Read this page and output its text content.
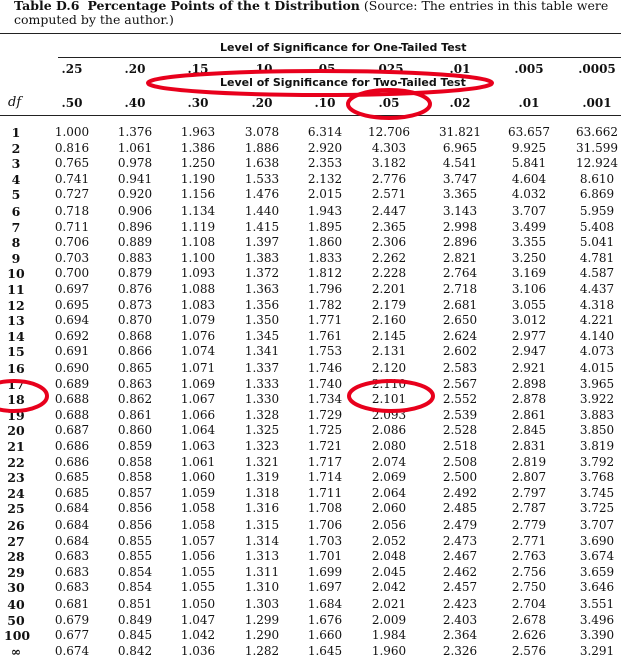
Table D.6 Percentage Points of the t Distribution (Source: The entries in this table were computed by the author.)
Level of Significance for One-Tailed Test
.25	.20	.15	.10	.05	.025	.01	.005	.0005
Level of Significance for Two-Tailed Test
df	.50	.40	.30	.20	.10	.05	.02	.01	.001
1	1.000	1.376	1.963	3.078	6.314	12.706	31.821	63.657	63.662
2	0.816	1.061	1.386	1.886	2.920	4.303	6.965	9.925	31.599
3	0.765	0.978	1.250	1.638	2.353	3.182	4.541	5.841	12.924
4	0.741	0.941	1.190	1.533	2.132	2.776	3.747	4.604	8.610
5	0.727	0.920	1.156	1.476	2.015	2.571	3.365	4.032	6.869
6	0.718	0.906	1.134	1.440	1.943	2.447	3.143	3.707	5.959
7	0.711	0.896	1.119	1.415	1.895	2.365	2.998	3.499	5.408
8	0.706	0.889	1.108	1.397	1.860	2.306	2.896	3.355	5.041
9	0.703	0.883	1.100	1.383	1.833	2.262	2.821	3.250	4.781
10	0.700	0.879	1.093	1.372	1.812	2.228	2.764	3.169	4.587
11	0.697	0.876	1.088	1.363	1.796	2.201	2.718	3.106	4.437
12	0.695	0.873	1.083	1.356	1.782	2.179	2.681	3.055	4.318
13	0.694	0.870	1.079	1.350	1.771	2.160	2.650	3.012	4.221
14	0.692	0.868	1.076	1.345	1.761	2.145	2.624	2.977	4.140
15	0.691	0.866	1.074	1.341	1.753	2.131	2.602	2.947	4.073
16	0.690	0.865	1.071	1.337	1.746	2.120	2.583	2.921	4.015
17	0.689	0.863	1.069	1.333	1.740	2.110	2.567	2.898	3.965
18	0.688	0.862	1.067	1.330	1.734	2.101	2.552	2.878	3.922
19	0.688	0.861	1.066	1.328	1.729	2.093	2.539	2.861	3.883
20	0.687	0.860	1.064	1.325	1.725	2.086	2.528	2.845	3.850
21	0.686	0.859	1.063	1.323	1.721	2.080	2.518	2.831	3.819
22	0.686	0.858	1.061	1.321	1.717	2.074	2.508	2.819	3.792
23	0.685	0.858	1.060	1.319	1.714	2.069	2.500	2.807	3.768
24	0.685	0.857	1.059	1.318	1.711	2.064	2.492	2.797	3.745
25	0.684	0.856	1.058	1.316	1.708	2.060	2.485	2.787	3.725
26	0.684	0.856	1.058	1.315	1.706	2.056	2.479	2.779	3.707
27	0.684	0.855	1.057	1.314	1.703	2.052	2.473	2.771	3.690
28	0.683	0.855	1.056	1.313	1.701	2.048	2.467	2.763	3.674
29	0.683	0.854	1.055	1.311	1.699	2.045	2.462	2.756	3.659
30	0.683	0.854	1.055	1.310	1.697	2.042	2.457	2.750	3.646
40	0.681	0.851	1.050	1.303	1.684	2.021	2.423	2.704	3.551
50	0.679	0.849	1.047	1.299	1.676	2.009	2.403	2.678	3.496
100	0.677	0.845	1.042	1.290	1.660	1.984	2.364	2.626	3.390
∞	0.674	0.842	1.036	1.282	1.645	1.960	2.326	2.576	3.291
